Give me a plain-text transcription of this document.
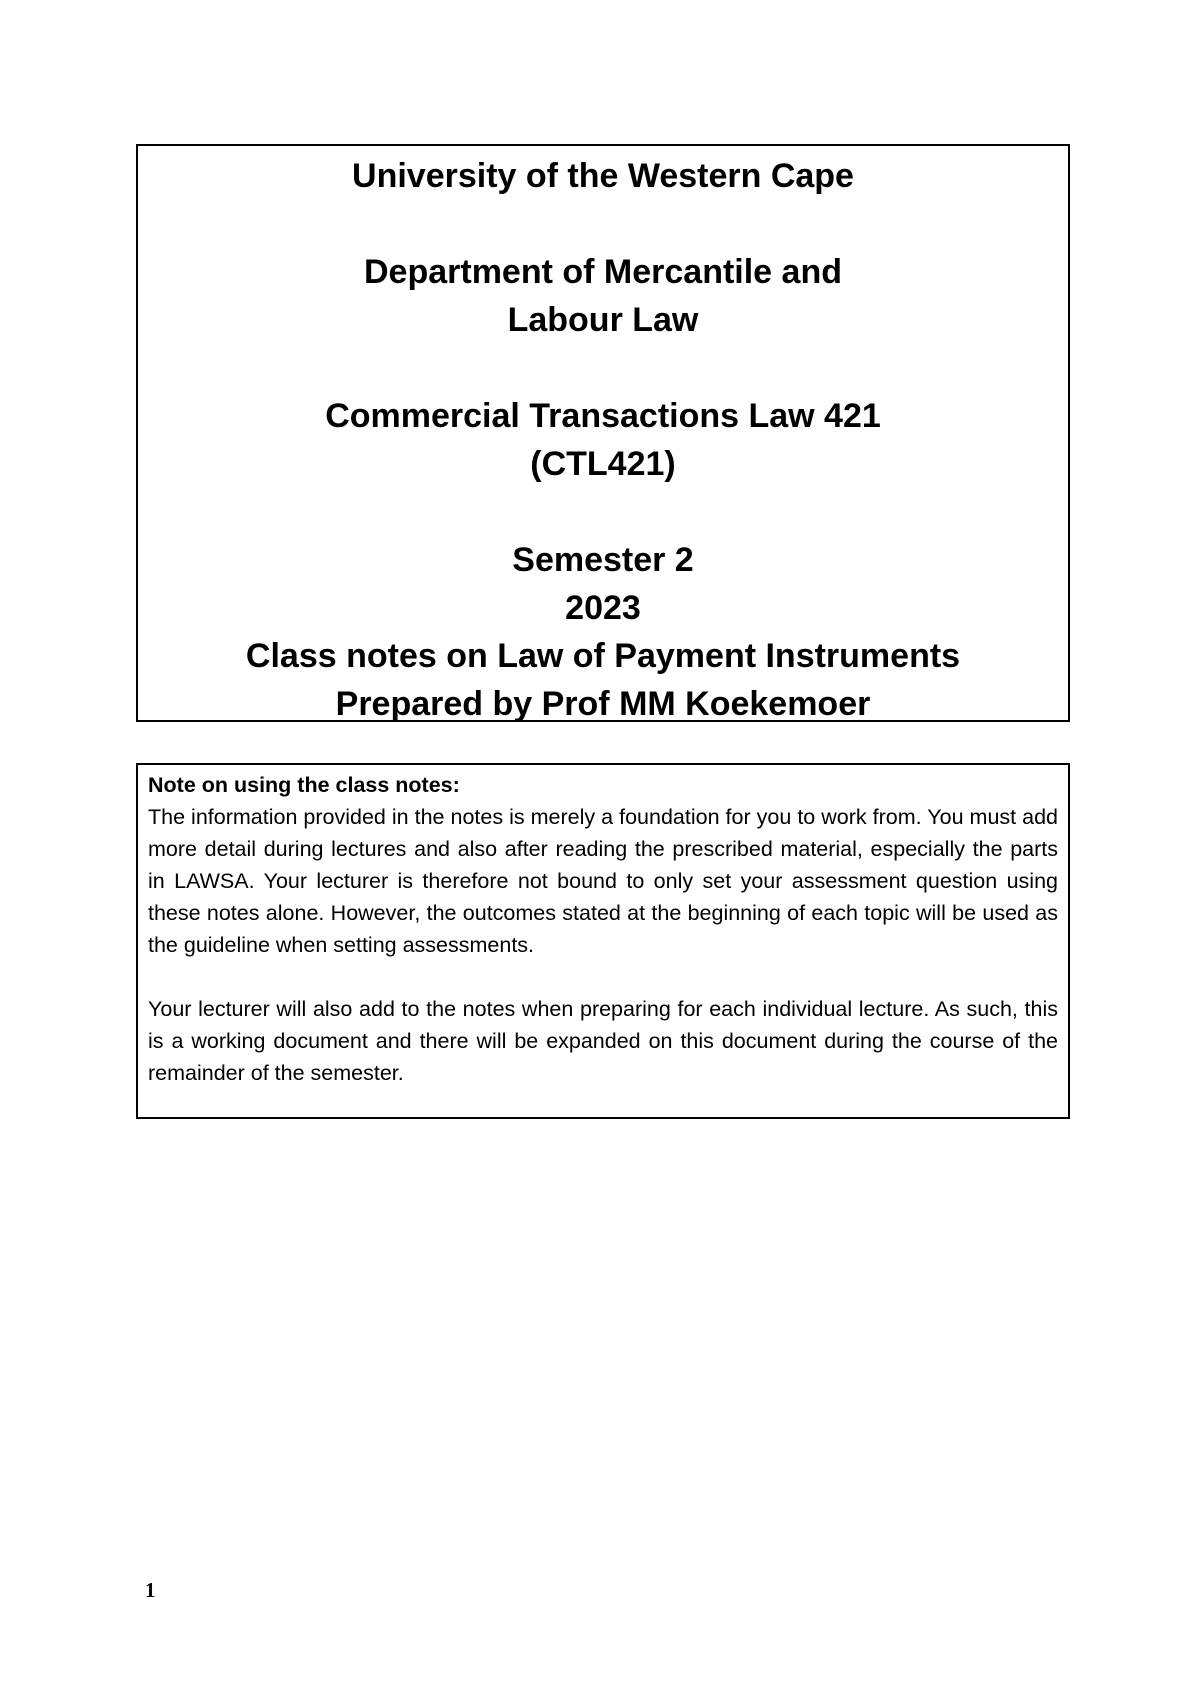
University of the Western Cape
Department of Mercantile and
Labour Law
Commercial Transactions Law 421
(CTL421)
Semester 2
2023
Class notes on Law of Payment Instruments
Prepared by Prof MM Koekemoer
Note on using the class notes:

The information provided in the notes is merely a foundation for you to work from. You must add more detail during lectures and also after reading the prescribed material, especially the parts in LAWSA. Your lecturer is therefore not bound to only set your assessment question using these notes alone. However, the outcomes stated at the beginning of each topic will be used as the guideline when setting assessments.

Your lecturer will also add to the notes when preparing for each individual lecture. As such, this is a working document and there will be expanded on this document during the course of the remainder of the semester.

1
